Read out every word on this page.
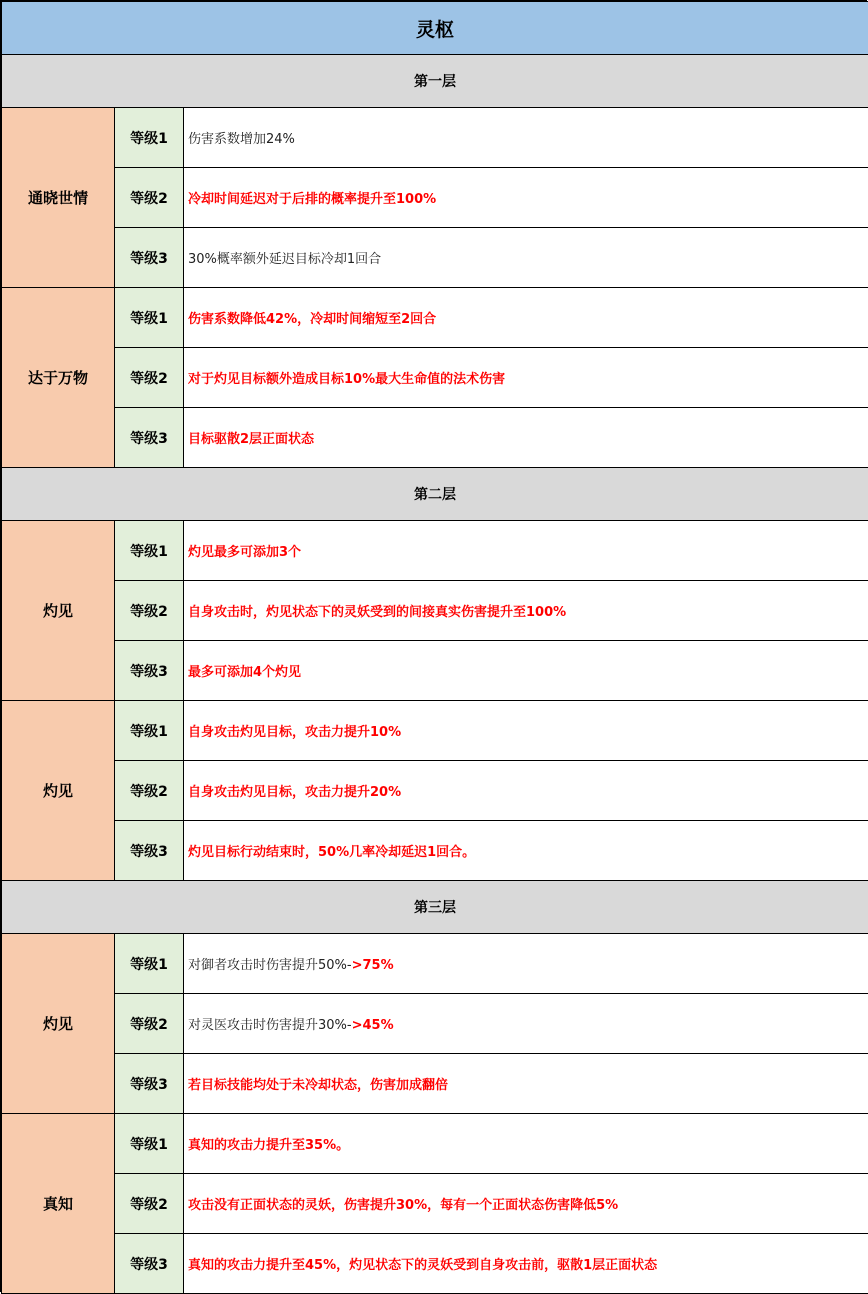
灵枢		
第一层		
通晓世情	等级1	伤害系数增加24%
	等级2	冷却时间延迟对于后排的概率提升至100%
	等级3	30%概率额外延迟目标冷却1回合
达于万物	等级1	伤害系数降低42%，冷却时间缩短至2回合
	等级2	对于灼见目标额外造成目标10%最大生命值的法术伤害
	等级3	目标驱散2层正面状态
第二层		
灼见	等级1	灼见最多可添加3个
	等级2	自身攻击时，灼见状态下的灵妖受到的间接真实伤害提升至100%
	等级3	最多可添加4个灼见
灼见	等级1	自身攻击灼见目标，攻击力提升10%
	等级2	自身攻击灼见目标，攻击力提升20%
	等级3	灼见目标行动结束时，50%几率冷却延迟1回合。
第三层		
灼见	等级1	对御者攻击时伤害提升50%->75%
	等级2	对灵医攻击时伤害提升30%->45%
	等级3	若目标技能均处于未冷却状态，伤害加成翻倍
真知	等级1	真知的攻击力提升至35%。
	等级2	攻击没有正面状态的灵妖，伤害提升30%，每有一个正面状态伤害降低5%
	等级3	真知的攻击力提升至45%，灼见状态下的灵妖受到自身攻击前，驱散1层正面状态
